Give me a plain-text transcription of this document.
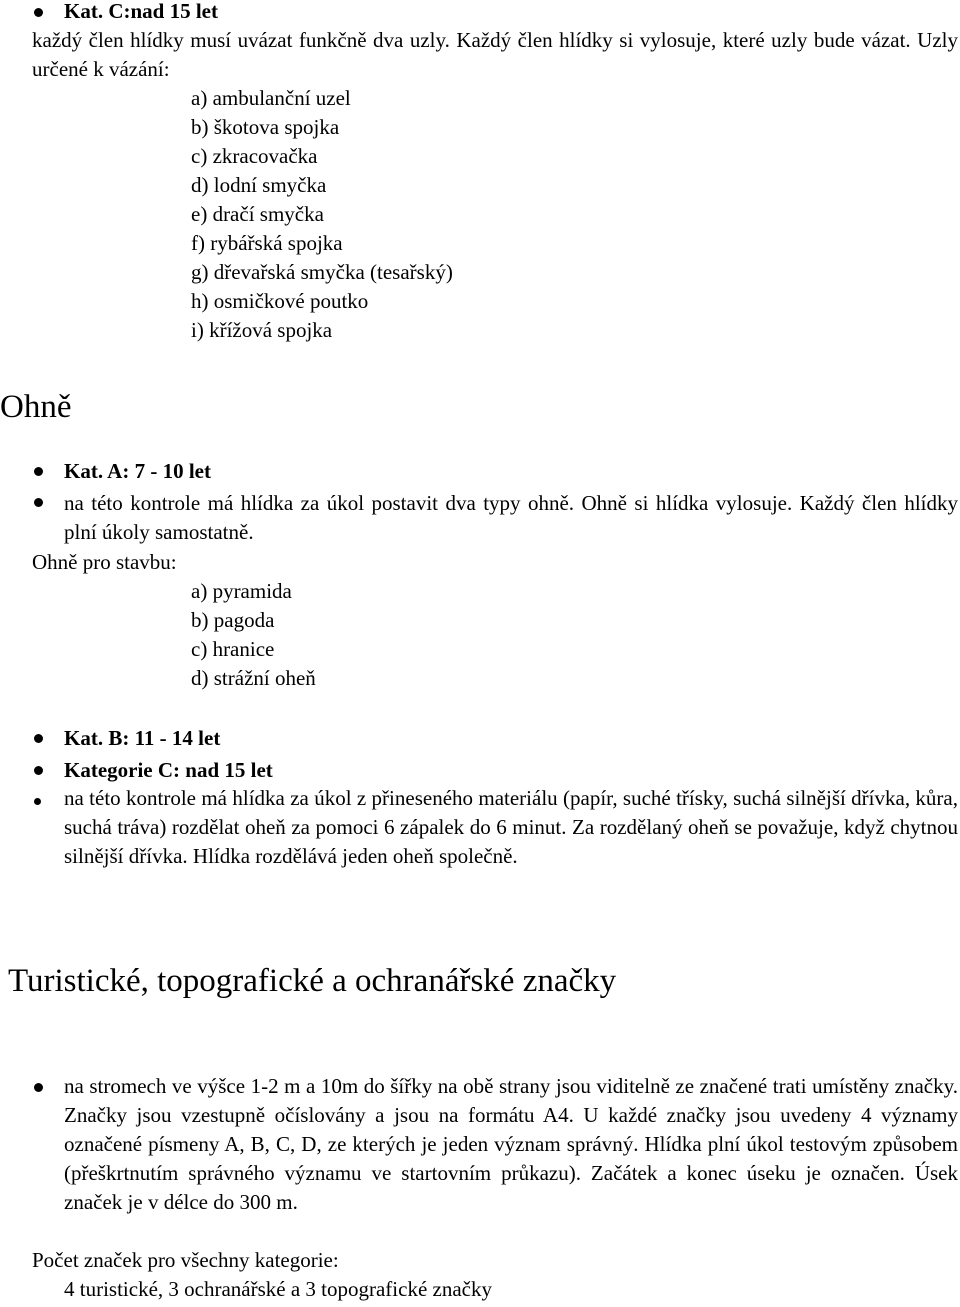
Kat. C:nad 15 let
každý člen hlídky musí uvázat funkčně dva uzly. Každý člen hlídky si vylosuje, které uzly bude vázat. Uzly určené k vázání:
a) ambulanční uzel
b) škotova spojka
c) zkracovačka
d) lodní smyčka
e) dračí smyčka
f) rybářská spojka
g) dřevařská smyčka (tesařský)
h) osmičkové poutko
i) křížová spojka
Ohně
Kat. A: 7 - 10 let
na této kontrole má hlídka za úkol postavit dva typy ohně. Ohně si hlídka vylosuje. Každý člen hlídky plní úkoly samostatně.
Ohně pro stavbu:
a) pyramida
b) pagoda
c) hranice
d) strážní oheň
Kat. B: 11 - 14 let
Kategorie C: nad 15 let
na této kontrole má hlídka za úkol z přineseného materiálu (papír, suché třísky, suchá silnější dřívka, kůra, suchá tráva) rozdělat oheň za pomoci 6 zápalek do 6 minut. Za rozdělaný oheň se považuje, když chytnou silnější dřívka. Hlídka rozdělává jeden oheň společně.
Turistické, topografické a ochranářské značky
na stromech ve výšce 1-2 m a 10m do šířky na obě strany jsou viditelně ze značené trati umístěny značky. Značky jsou vzestupně očíslovány a jsou na formátu A4. U každé značky jsou uvedeny 4 významy označené písmeny A, B, C, D, ze kterých je jeden význam správný. Hlídka plní úkol testovým způsobem (přeškrtnutím správného významu ve startovním průkazu). Začátek a konec úseku je označen. Úsek značek je v délce do 300 m.
Počet značek pro všechny kategorie:
4 turistické, 3 ochranářské a 3 topografické značky
